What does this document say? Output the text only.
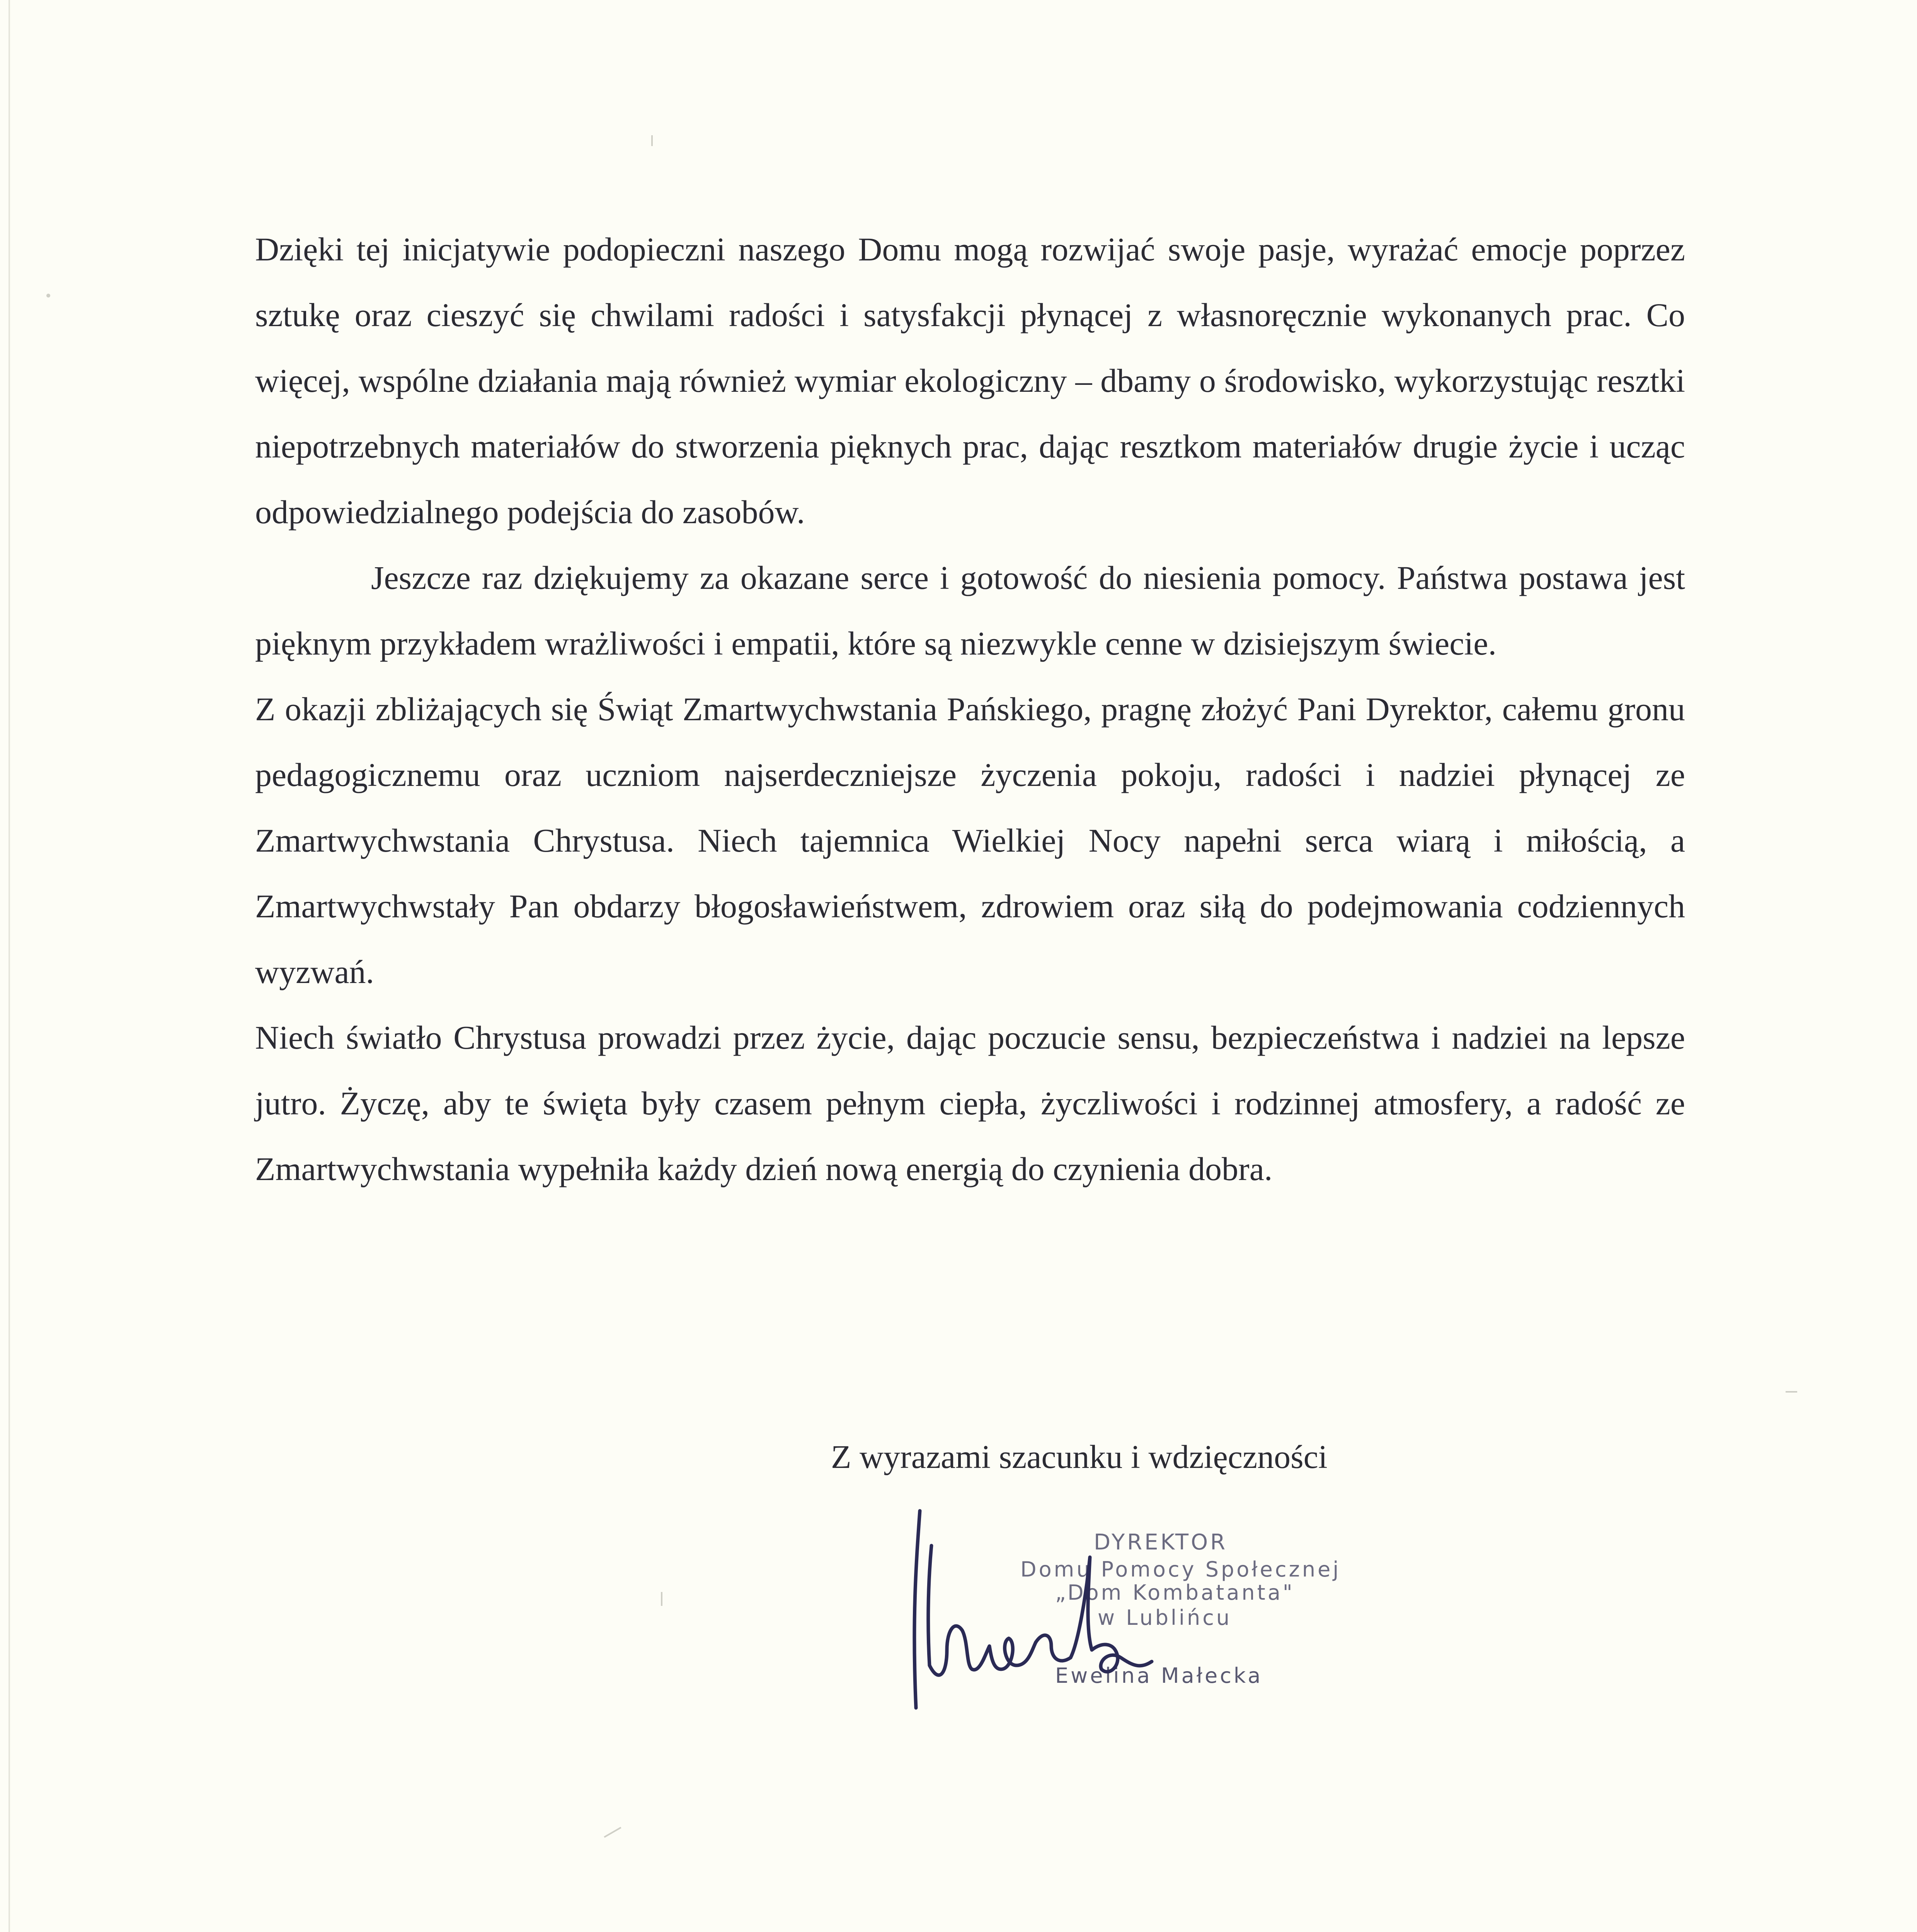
Dzięki tej inicjatywie podopieczni naszego Domu mogą rozwijać swoje pasje, wyrażać emocje poprzez sztukę oraz cieszyć się chwilami radości i satysfakcji płynącej z własnoręcznie wykonanych prac. Co więcej, wspólne działania mają również wymiar ekologiczny – dbamy o środowisko, wykorzystując resztki niepotrzebnych materiałów do stworzenia pięknych prac, dając resztkom materiałów drugie życie i ucząc odpowiedzialnego podejścia do zasobów.

Jeszcze raz dziękujemy za okazane serce i gotowość do niesienia pomocy. Państwa postawa jest pięknym przykładem wrażliwości i empatii, które są niezwykle cenne w dzisiejszym świecie.

Z okazji zbliżających się Świąt Zmartwychwstania Pańskiego, pragnę złożyć Pani Dyrektor, całemu gronu pedagogicznemu oraz uczniom najserdeczniejsze życzenia pokoju, radości i nadziei płynącej ze Zmartwychwstania Chrystusa. Niech tajemnica Wielkiej Nocy napełni serca wiarą i miłością, a Zmartwychwstały Pan obdarzy błogosławieństwem, zdrowiem oraz siłą do podejmowania codziennych wyzwań.

Niech światło Chrystusa prowadzi przez życie, dając poczucie sensu, bezpieczeństwa i nadziei na lepsze jutro. Życzę, aby te święta były czasem pełnym ciepła, życzliwości i rodzinnej atmosfery, a radość ze Zmartwychwstania wypełniła każdy dzień nową energią do czynienia dobra.

Z wyrazami szacunku i wdzięczności
DYREKTOR
Domu Pomocy Społecznej
„Dom Kombatanta"
w Lublińcu
Ewelina Małecka
